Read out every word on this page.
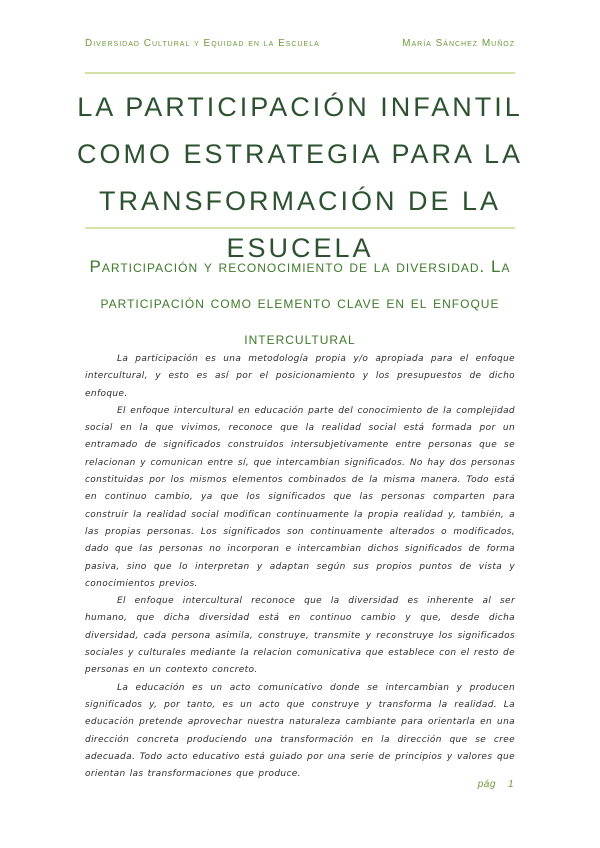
Diversidad Cultural y Equidad en la Escuela	María Sánchez Muñoz
LA PARTICIPACIÓN INFANTIL COMO ESTRATEGIA PARA LA TRANSFORMACIÓN DE LA ESUCELA
Participación y reconocimiento de la diversidad. La participación como elemento clave en el enfoque intercultural

La participación es una metodología propia y/o apropiada para el enfoque intercultural, y esto es así por el posicionamiento y los presupuestos de dicho enfoque.

El enfoque intercultural en educación parte del conocimiento de la complejidad social en la que vivimos, reconoce que la realidad social está formada por un entramado de significados construidos intersubjetivamente entre personas que se relacionan y comunican entre sí, que intercambian significados. No hay dos personas constituidas por los mismos elementos combinados de la misma manera. Todo está en continuo cambio, ya que los significados que las personas comparten para construir la realidad social modifican continuamente la propia realidad y, también, a las propias personas. Los significados son continuamente alterados o modificados, dado que las personas no incorporan e intercambian dichos significados de forma pasiva, sino que lo interpretan y adaptan según sus propios puntos de vista y conocimientos previos.

El enfoque intercultural reconoce que la diversidad es inherente al ser humano, que dicha diversidad está en continuo cambio y que, desde dicha diversidad, cada persona asimila, construye, transmite y reconstruye los significados sociales y culturales mediante la relacion comunicativa que establece con el resto de personas en un contexto concreto.

La educación es un acto comunicativo donde se intercambian y producen significados y, por tanto, es un acto que construye y transforma la realidad. La educación pretende aprovechar nuestra naturaleza cambiante para orientarla en una dirección concreta produciendo una transformación en la dirección que se cree adecuada. Todo acto educativo está guiado por una serie de principios y valores que orientan las transformaciones que produce.

pág 1
